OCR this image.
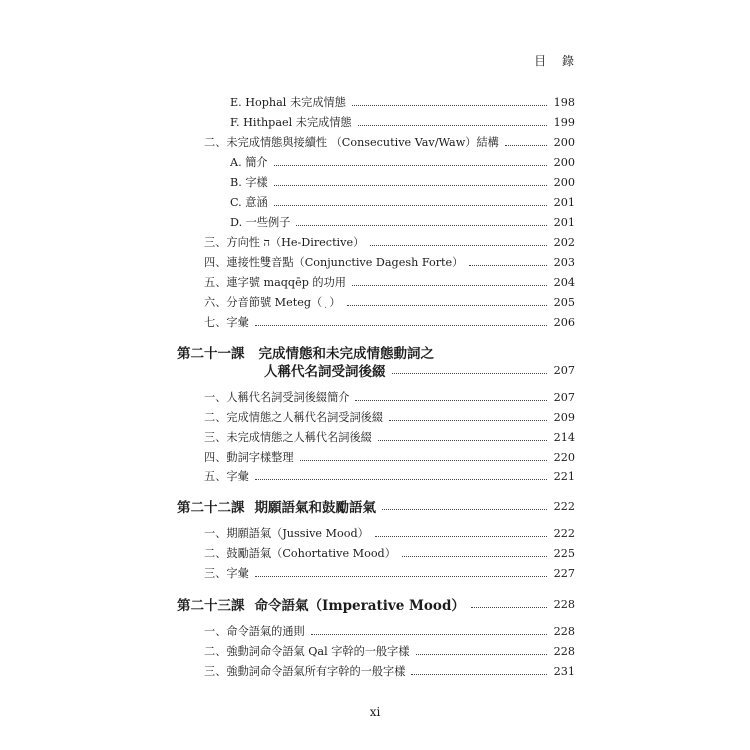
目 錄
E. Hophal 未完成情態	198
F. Hithpael 未完成情態	199
二、未完成情態與接續性 （Consecutive Vav/Waw）結構	200
A. 簡介	200
B. 字樣	200
C. 意涵	201
D. 一些例子	201
三、方向性 ה（He-Directive）	202
四、連接性雙音點（Conjunctive Dagesh Forte）	203
五、連字號 maqqēp 的功用	204
六、分音節號 Meteg（ ֽ ）	205
七、字彙	206
第二十一課 完成情態和未完成情態動詞之
人稱代名詞受詞後綴	207
一、人稱代名詞受詞後綴簡介	207
二、完成情態之人稱代名詞受詞後綴	209
三、未完成情態之人稱代名詞後綴	214
四、動詞字樣整理	220
五、字彙	221
第二十二課 期願語氣和鼓勵語氣	222
一、期願語氣（Jussive Mood）	222
二、鼓勵語氣（Cohortative Mood）	225
三、字彙	227
第二十三課 命令語氣（Imperative Mood）	228
一、命令語氣的通則	228
二、強動詞命令語氣 Qal 字幹的一般字樣	228
三、強動詞命令語氣所有字幹的一般字樣	231
xi
